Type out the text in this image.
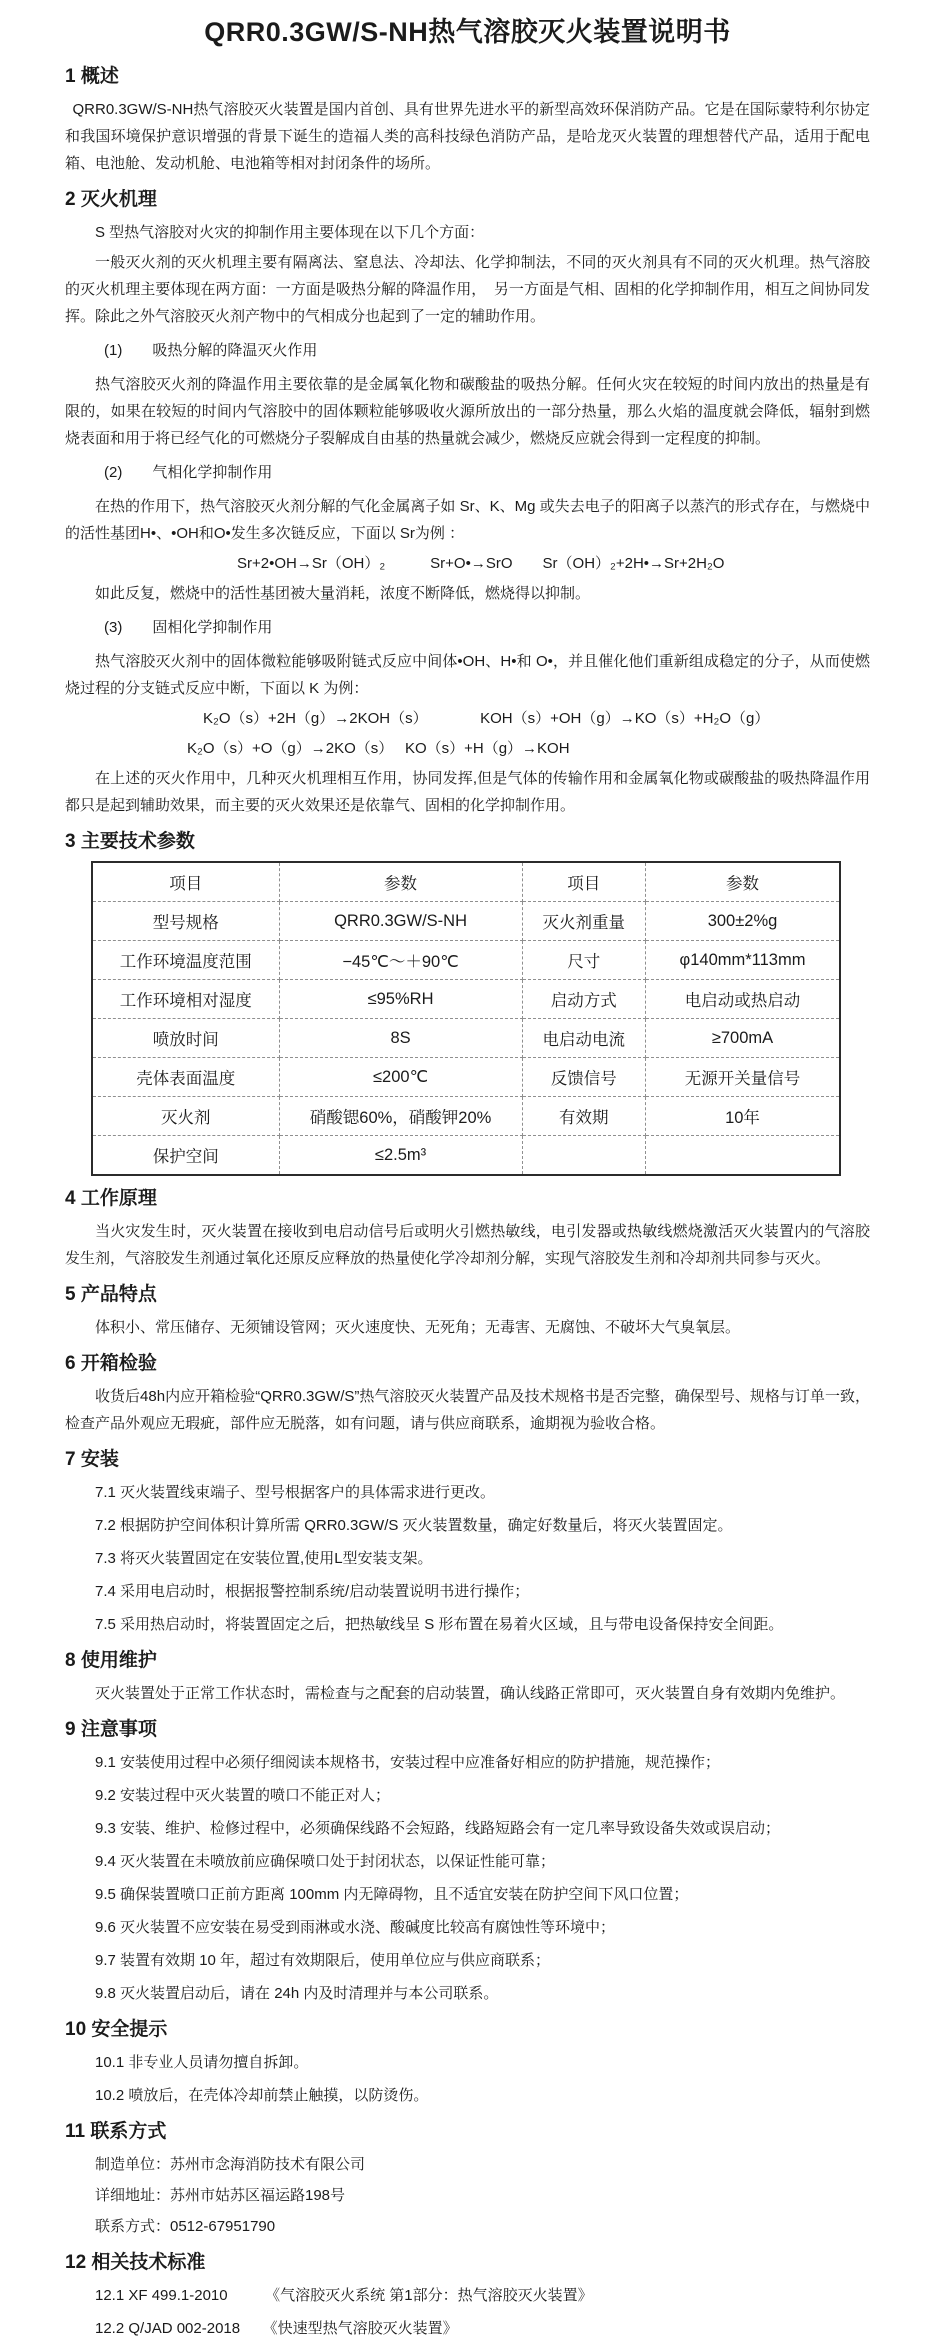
QRR0.3GW/S-NH热气溶胶灭火装置说明书
1 概述

QRR0.3GW/S-NH热气溶胶灭火装置是国内首创、具有世界先进水平的新型高效环保消防产品。它是在国际蒙特利尔协定和我国环境保护意识增强的背景下诞生的造福人类的高科技绿色消防产品，是哈龙灭火装置的理想替代产品，适用于配电箱、电池舱、发动机舱、电池箱等相对封闭条件的场所。

2 灭火机理

S 型热气溶胶对火灾的抑制作用主要体现在以下几个方面：

一般灭火剂的灭火机理主要有隔离法、窒息法、冷却法、化学抑制法，不同的灭火剂具有不同的灭火机理。热气溶胶的灭火机理主要体现在两方面：一方面是吸热分解的降温作用，　另一方面是气相、固相的化学抑制作用，相互之间协同发挥。除此之外气溶胶灭火剂产物中的气相成分也起到了一定的辅助作用。

(1)　　吸热分解的降温灭火作用

热气溶胶灭火剂的降温作用主要依靠的是金属氧化物和碳酸盐的吸热分解。任何火灾在较短的时间内放出的热量是有限的，如果在较短的时间内气溶胶中的固体颗粒能够吸收火源所放出的一部分热量，那么火焰的温度就会降低，辐射到燃烧表面和用于将已经气化的可燃烧分子裂解成自由基的热量就会减少，燃烧反应就会得到一定程度的抑制。

(2)　　气相化学抑制作用

在热的作用下，热气溶胶灭火剂分解的气化金属离子如 Sr、K、Mg 或失去电子的阳离子以蒸汽的形式存在，与燃烧中的活性基团H•、•OH和O•发生多次链反应，下面以 Sr为例 ：

Sr+2•OH→Sr（OH）₂　　　Sr+O•→SrO　　Sr（OH）₂+2H•→Sr+2H₂O

如此反复，燃烧中的活性基团被大量消耗，浓度不断降低，燃烧得以抑制。

(3)　　固相化学抑制作用

热气溶胶灭火剂中的固体微粒能够吸附链式反应中间体•OH、H•和 O•，并且催化他们重新组成稳定的分子，从而使燃烧过程的分支链式反应中断，下面以 K 为例：

K₂O（s）+2H（g）→2KOH（s）　　　　KOH（s）+OH（g）→KO（s）+H₂O（g）

K₂O（s）+O（g）→2KO（s）　 KO（s）+H（g）→KOH

在上述的灭火作用中，几种灭火机理相互作用，协同发挥,但是气体的传输作用和金属氧化物或碳酸盐的吸热降温作用都只是起到辅助效果，而主要的灭火效果还是依靠气、固相的化学抑制作用。

3 主要技术参数
项目	参数	项目	参数
型号规格	QRR0.3GW/S-NH	灭火剂重量	300±2%g
工作环境温度范围	−45℃～＋90℃	尺寸	φ140mm*113mm
工作环境相对湿度	≤95%RH	启动方式	电启动或热启动
喷放时间	8S	电启动电流	≥700mA
壳体表面温度	≤200℃	反馈信号	无源开关量信号
灭火剂	硝酸锶60%，硝酸钾20%	有效期	10年
保护空间	≤2.5m³		
4 工作原理

当火灾发生时，灭火装置在接收到电启动信号后或明火引燃热敏线，电引发器或热敏线燃烧激活灭火装置内的气溶胶发生剂，气溶胶发生剂通过氧化还原反应释放的热量使化学冷却剂分解，实现气溶胶发生剂和冷却剂共同参与灭火。

5 产品特点

体积小、常压储存、无须铺设管网；灭火速度快、无死角；无毒害、无腐蚀、不破坏大气臭氧层。

6 开箱检验

收货后48h内应开箱检验“QRR0.3GW/S”热气溶胶灭火装置产品及技术规格书是否完整，确保型号、规格与订单一致，检查产品外观应无瑕疵，部件应无脱落，如有问题，请与供应商联系，逾期视为验收合格。

7 安装

7.1 灭火装置线束端子、型号根据客户的具体需求进行更改。

7.2 根据防护空间体积计算所需 QRR0.3GW/S 灭火装置数量，确定好数量后，将灭火装置固定。

7.3 将灭火装置固定在安装位置,使用L型安装支架。

7.4 采用电启动时，根据报警控制系统/启动装置说明书进行操作；

7.5 采用热启动时，将装置固定之后，把热敏线呈 S 形布置在易着火区域，且与带电设备保持安全间距。

8 使用维护

灭火装置处于正常工作状态时，需检查与之配套的启动装置，确认线路正常即可，灭火装置自身有效期内免维护。

9 注意事项

9.1 安装使用过程中必须仔细阅读本规格书，安装过程中应准备好相应的防护措施，规范操作；

9.2 安装过程中灭火装置的喷口不能正对人；

9.3 安装、维护、检修过程中，必须确保线路不会短路，线路短路会有一定几率导致设备失效或误启动；

9.4 灭火装置在未喷放前应确保喷口处于封闭状态，以保证性能可靠；

9.5 确保装置喷口正前方距离 100mm 内无障碍物，且不适宜安装在防护空间下风口位置；

9.6 灭火装置不应安装在易受到雨淋或水浇、酸碱度比较高有腐蚀性等环境中；

9.7 装置有效期 10 年，超过有效期限后，使用单位应与供应商联系；

9.8 灭火装置启动后，请在 24h 内及时清理并与本公司联系。

10 安全提示

10.1 非专业人员请勿擅自拆卸。

10.2 喷放后，在壳体冷却前禁止触摸，以防烫伤。

11 联系方式

制造单位：苏州市念海消防技术有限公司

详细地址：苏州市姑苏区福运路198号

联系方式：0512-67951790

12 相关技术标准

12.1 XF 499.1-2010　　　《气溶胶灭火系统 第1部分：热气溶胶灭火装置》

12.2 Q/JAD 002-2018　　《快速型热气溶胶灭火装置》
